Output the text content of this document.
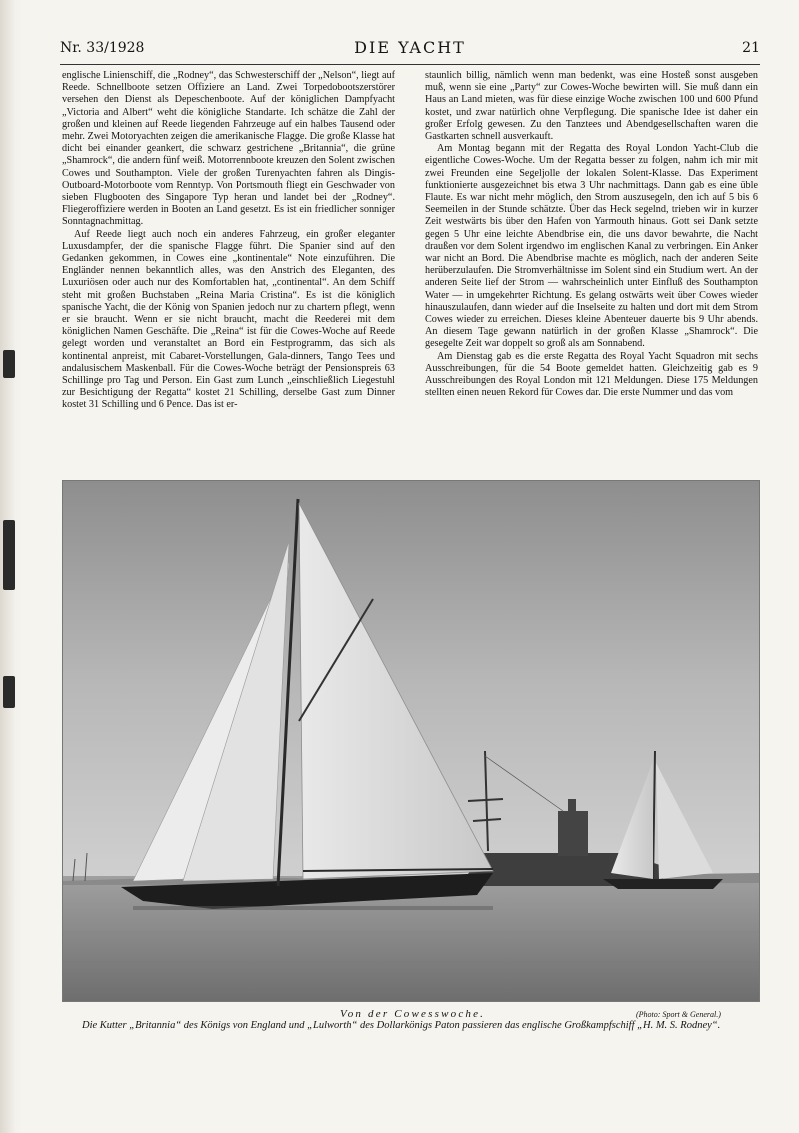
Nr. 33/1928	DIE YACHT	21

englische Linienschiff, die „Rodney“, das Schwesterschiff der „Nelson“, liegt auf Reede. Schnellboote setzen Offiziere an Land. Zwei Torpedobootszerstörer versehen den Dienst als Depeschenboote. Auf der königlichen Dampfyacht „Victoria and Albert“ weht die königliche Standarte. Ich schätze die Zahl der großen und kleinen auf Reede liegenden Fahrzeuge auf ein halbes Tausend oder mehr. Zwei Motoryachten zeigen die amerikanische Flagge. Die große Klasse hat dicht bei einander geankert, die schwarz gestrichene „Britannia“, die grüne „Shamrock“, die andern fünf weiß. Motorrennboote kreuzen den Solent zwischen Cowes und Southampton. Viele der großen Turenyachten fahren als Dingis-Outboard-Motorboote vom Renntyp. Von Portsmouth fliegt ein Geschwader von sieben Flugbooten des Singapore Typ heran und landet bei der „Rodney“. Fliegeroffiziere werden in Booten an Land gesetzt. Es ist ein friedlicher sonniger Sonntagnachmittag.

Auf Reede liegt auch noch ein anderes Fahrzeug, ein großer eleganter Luxusdampfer, der die spanische Flagge führt. Die Spanier sind auf den Gedanken gekommen, in Cowes eine „kontinentale“ Note einzuführen. Die Engländer nennen bekanntlich alles, was den Anstrich des Eleganten, des Luxuriösen oder auch nur des Komfortablen hat, „continental“. An dem Schiff steht mit großen Buchstaben „Reina Maria Cristina“. Es ist die königlich spanische Yacht, die der König von Spanien jedoch nur zu chartern pflegt, wenn er sie braucht. Wenn er sie nicht braucht, macht die Reederei mit dem königlichen Namen Geschäfte. Die „Reina“ ist für die Cowes-Woche auf Reede gelegt worden und veranstaltet an Bord ein Festprogramm, das sich als kontinental anpreist, mit Cabaret-Vorstellungen, Gala-dinners, Tango Tees und andalusischem Maskenball. Für die Cowes-Woche beträgt der Pensionspreis 63 Schillinge pro Tag und Person. Ein Gast zum Lunch „einschließlich Liegestuhl zur Besichtigung der Regatta“ kostet 21 Schilling, derselbe Gast zum Dinner kostet 31 Schilling und 6 Pence. Das ist er-

staunlich billig, nämlich wenn man bedenkt, was eine Hosteß sonst ausgeben muß, wenn sie eine „Party“ zur Cowes-Woche bewirten will. Sie muß dann ein Haus an Land mieten, was für diese einzige Woche zwischen 100 und 600 Pfund kostet, und zwar natürlich ohne Verpflegung. Die spanische Idee ist daher ein großer Erfolg gewesen. Zu den Tanztees und Abendgesellschaften waren die Gastkarten schnell ausverkauft.

Am Montag begann mit der Regatta des Royal London Yacht-Club die eigentliche Cowes-Woche. Um der Regatta besser zu folgen, nahm ich mir mit zwei Freunden eine Segeljolle der lokalen Solent-Klasse. Das Experiment funktionierte ausgezeichnet bis etwa 3 Uhr nachmittags. Dann gab es eine üble Flaute. Es war nicht mehr möglich, den Strom auszusegeln, den ich auf 5 bis 6 Seemeilen in der Stunde schätzte. Über das Heck segelnd, trieben wir in kurzer Zeit westwärts bis über den Hafen von Yarmouth hinaus. Gott sei Dank setzte gegen 5 Uhr eine leichte Abendbrise ein, die uns davor bewahrte, die Nacht draußen vor dem Solent irgendwo im englischen Kanal zu verbringen. Ein Anker war nicht an Bord. Die Abendbrise machte es möglich, nach der anderen Seite herüberzulaufen. Die Stromverhältnisse im Solent sind ein Studium wert. An der anderen Seite lief der Strom — wahrscheinlich unter Einfluß des Southampton Water — in umgekehrter Richtung. Es gelang ostwärts weit über Cowes wieder hinauszulaufen, dann wieder auf die Inselseite zu halten und dort mit dem Strom Cowes wieder zu erreichen. Dieses kleine Abenteuer dauerte bis 9 Uhr abends. An diesem Tage gewann natürlich in der großen Klasse „Shamrock“. Die gesegelte Zeit war doppelt so groß als am Sonnabend.

Am Dienstag gab es die erste Regatta des Royal Yacht Squadron mit sechs Ausschreibungen, für die 54 Boote gemeldet hatten. Gleichzeitig gab es 9 Ausschreibungen des Royal London mit 121 Meldungen. Diese 175 Meldungen stellten einen neuen Rekord für Cowes dar. Die erste Nummer und das vom

Von der Cowesswoche.	(Photo: Sport & General.)
Die Kutter „Britannia“ des Königs von England und „Lulworth“ des Dollarkönigs Paton passieren das englische Großkampfschiff „H. M. S. Rodney“.
